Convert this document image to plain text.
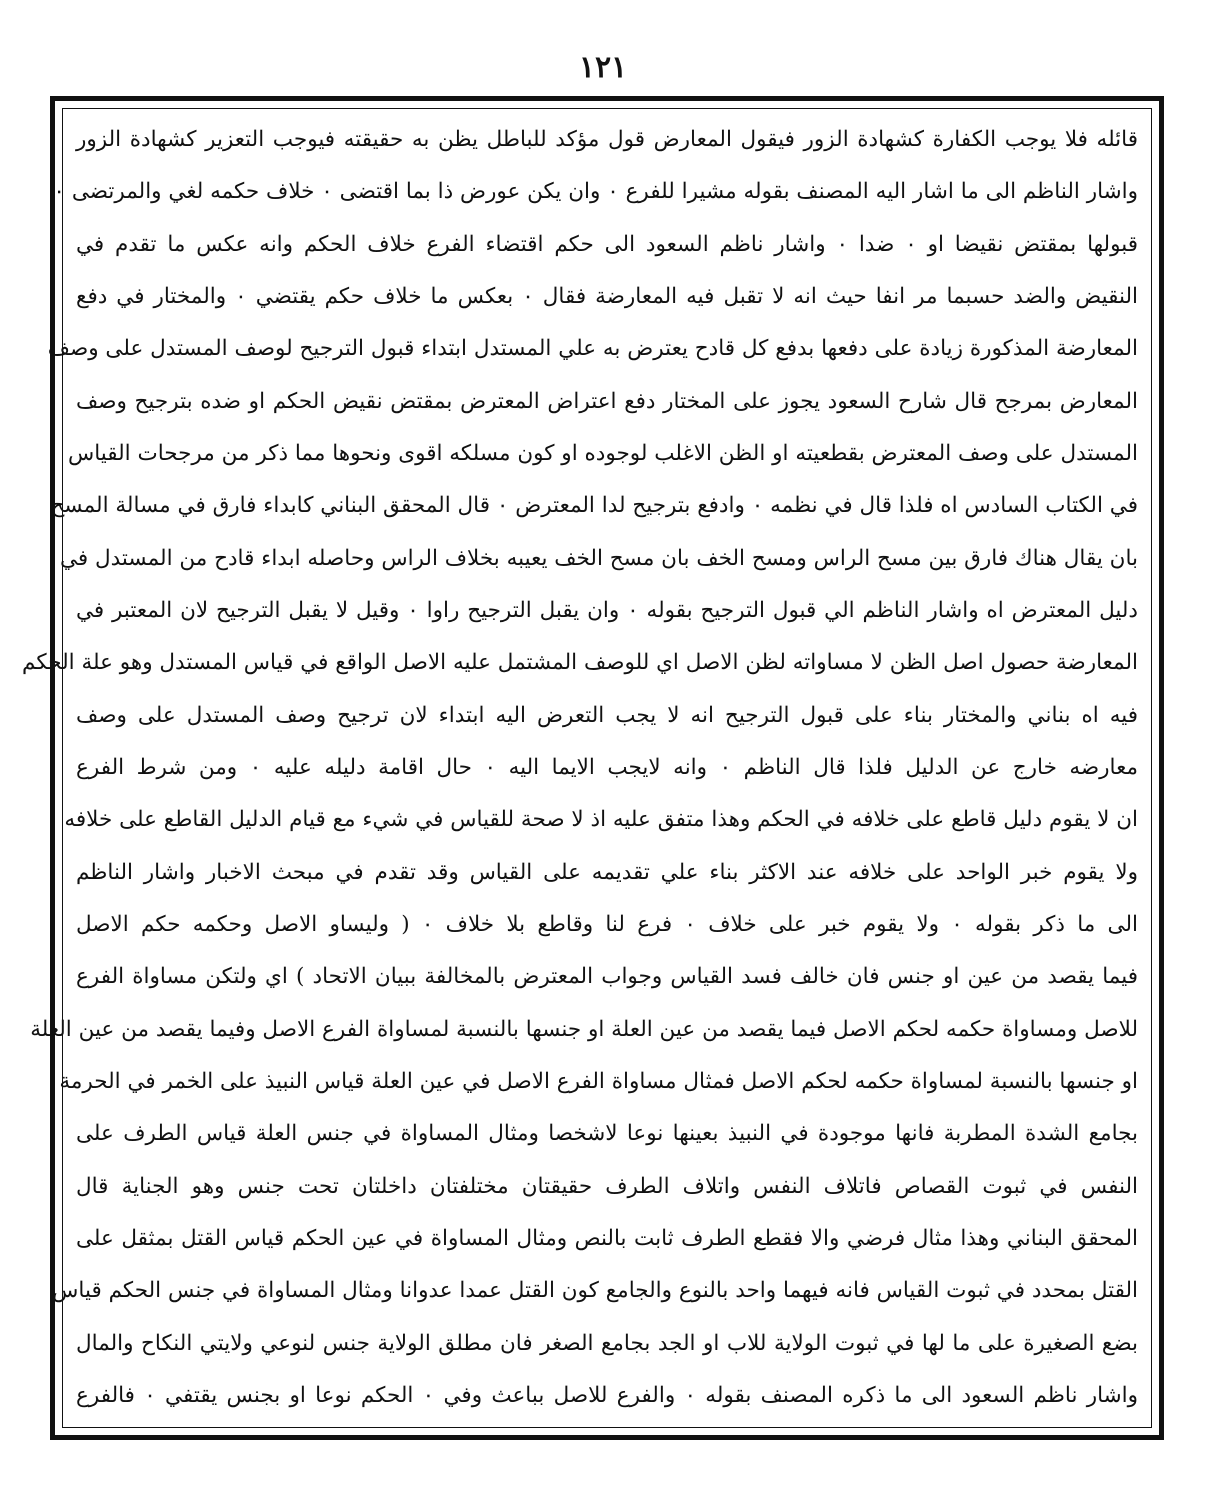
١٢١
قائله فلا يوجب الكفارة كشهادة الزور فيقول المعارض قول مؤكد للباطل يظن به حقيقته فيوجب التعزير كشهادة الزور
واشار الناظم الى ما اشار اليه المصنف بقوله مشيرا للفرع ٠ وان يكن عورض ذا بما اقتضى ٠ خلاف حكمه لغي والمرتضى ٠
قبولها بمقتض نقيضا او ٠ ضدا ٠ واشار ناظم السعود الى حكم اقتضاء الفرع خلاف الحكم وانه عكس ما تقدم في
النقيض والضد حسبما مر انفا حيث انه لا تقبل فيه المعارضة فقال ٠ بعكس ما خلاف حكم يقتضي ٠ والمختار في دفع
المعارضة المذكورة زيادة على دفعها بدفع كل قادح يعترض به علي المستدل ابتداء قبول الترجيح لوصف المستدل على وصف
المعارض بمرجح قال شارح السعود يجوز على المختار دفع اعتراض المعترض بمقتض نقيض الحكم او ضده بترجيح وصف
المستدل على وصف المعترض بقطعيته او الظن الاغلب لوجوده او كون مسلكه اقوى ونحوها مما ذكر من مرجحات القياس
في الكتاب السادس اه فلذا قال في نظمه ٠ وادفع بترجيح لدا المعترض ٠ قال المحقق البناني كابداء فارق في مسالة المسح
بان يقال هناك فارق بين مسح الراس ومسح الخف بان مسح الخف يعيبه بخلاف الراس وحاصله ابداء قادح من المستدل في
دليل المعترض اه واشار الناظم الي قبول الترجيح بقوله ٠ وان يقبل الترجيح راوا ٠ وقيل لا يقبل الترجيح لان المعتبر في
المعارضة حصول اصل الظن لا مساواته لظن الاصل اي للوصف المشتمل عليه الاصل الواقع في قياس المستدل وهو علة الحكم
فيه اه بناني والمختار بناء على قبول الترجيح انه لا يجب التعرض اليه ابتداء لان ترجيح وصف المستدل على وصف
معارضه خارج عن الدليل فلذا قال الناظم ٠ وانه لايجب الايما اليه ٠ حال اقامة دليله عليه ٠ ومن شرط الفرع
ان لا يقوم دليل قاطع على خلافه في الحكم وهذا متفق عليه اذ لا صحة للقياس في شيء مع قيام الدليل القاطع على خلافه
ولا يقوم خبر الواحد على خلافه عند الاكثر بناء علي تقديمه على القياس وقد تقدم في مبحث الاخبار واشار الناظم
الى ما ذكر بقوله ٠ ولا يقوم خبر على خلاف ٠ فرع لنا وقاطع بلا خلاف ٠ ( وليساو الاصل وحكمه حكم الاصل
فيما يقصد من عين او جنس فان خالف فسد القياس وجواب المعترض بالمخالفة ببيان الاتحاد ) اي ولتكن مساواة الفرع
للاصل ومساواة حكمه لحكم الاصل فيما يقصد من عين العلة او جنسها بالنسبة لمساواة الفرع الاصل وفيما يقصد من عين العلة
او جنسها بالنسبة لمساواة حكمه لحكم الاصل فمثال مساواة الفرع الاصل في عين العلة قياس النبيذ على الخمر في الحرمة
بجامع الشدة المطربة فانها موجودة في النبيذ بعينها نوعا لاشخصا ومثال المساواة في جنس العلة قياس الطرف على
النفس في ثبوت القصاص فاتلاف النفس واتلاف الطرف حقيقتان مختلفتان داخلتان تحت جنس وهو الجناية قال
المحقق البناني وهذا مثال فرضي والا فقطع الطرف ثابت بالنص ومثال المساواة في عين الحكم قياس القتل بمثقل على
القتل بمحدد في ثبوت القياس فانه فيهما واحد بالنوع والجامع كون القتل عمدا عدوانا ومثال المساواة في جنس الحكم قياس
بضع الصغيرة على ما لها في ثبوت الولاية للاب او الجد بجامع الصغر فان مطلق الولاية جنس لنوعي ولايتي النكاح والمال
واشار ناظم السعود الى ما ذكره المصنف بقوله ٠ والفرع للاصل بباعث وفي ٠ الحكم نوعا او بجنس يقتفي ٠ فالفرع
